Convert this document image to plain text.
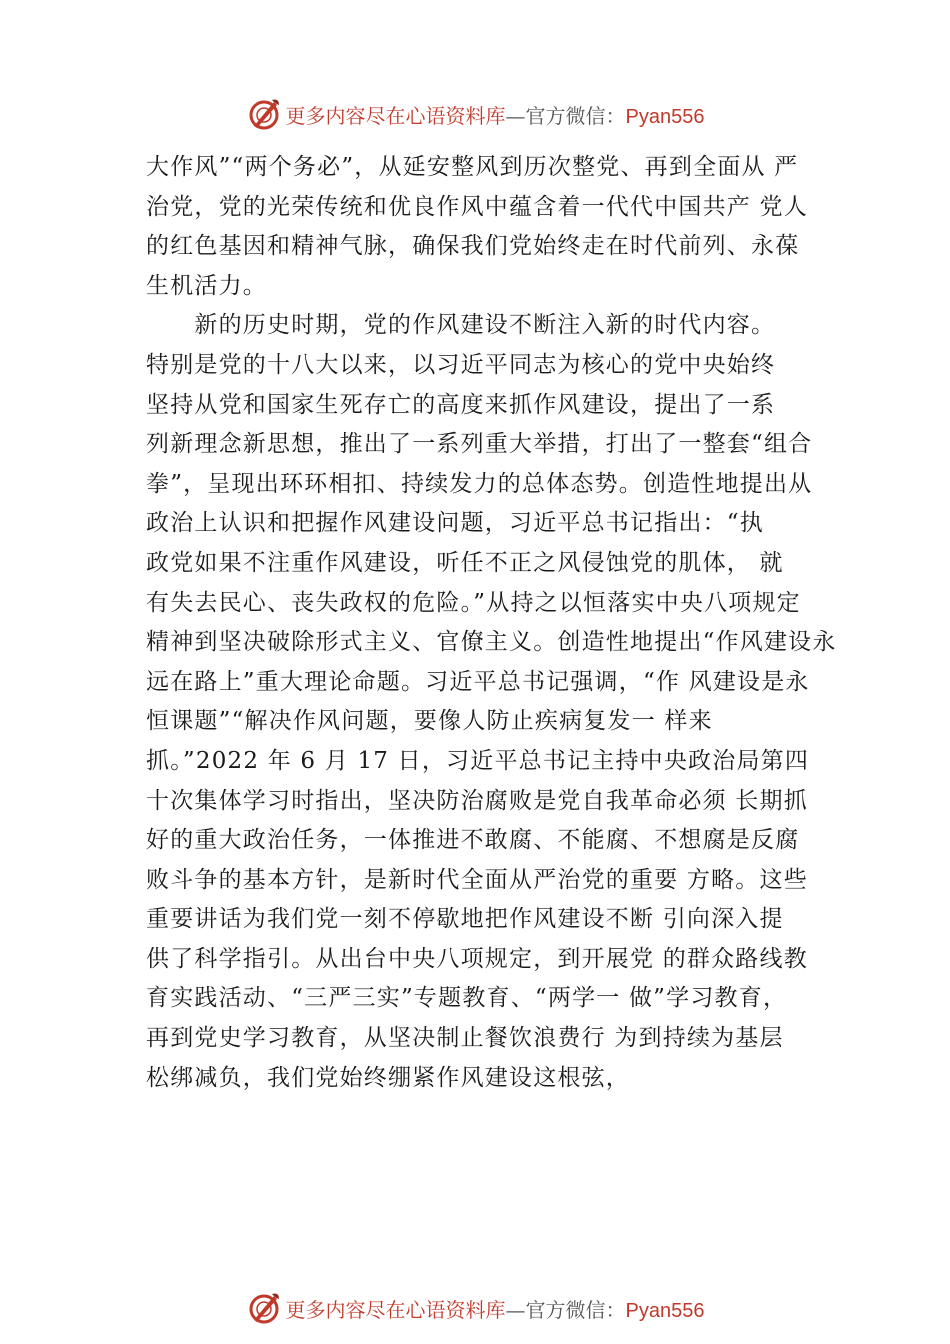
更多内容尽在心语资料库—官方微信：Pyan556
大作风”“两个务必”，从延安整风到历次整党、再到全面从 严
治党，党的光荣传统和优良作风中蕴含着一代代中国共产 党人
的红色基因和精神气脉，确保我们党始终走在时代前列、永葆
生机活力。
　　新的历史时期，党的作风建设不断注入新的时代内容。
特别是党的十八大以来，以习近平同志为核心的党中央始终
坚持从党和国家生死存亡的高度来抓作风建设，提出了一系
列新理念新思想，推出了一系列重大举措，打出了一整套“组合
拳”，呈现出环环相扣、持续发力的总体态势。创造性地提出从
政治上认识和把握作风建设问题，习近平总书记指出：“执
政党如果不注重作风建设，听任不正之风侵蚀党的肌体， 就
有失去民心、丧失政权的危险。”从持之以恒落实中央八项规定
精神到坚决破除形式主义、官僚主义。创造性地提出“作风建设永
远在路上”重大理论命题。习近平总书记强调，“作 风建设是永
恒课题”“解决作风问题，要像人防止疾病复发一 样来
抓。”2022 年 6 月 17 日，习近平总书记主持中央政治局第四
十次集体学习时指出，坚决防治腐败是党自我革命必须 长期抓
好的重大政治任务，一体推进不敢腐、不能腐、不想腐是反腐
败斗争的基本方针，是新时代全面从严治党的重要 方略。这些
重要讲话为我们党一刻不停歇地把作风建设不断 引向深入提
供了科学指引。从出台中央八项规定，到开展党 的群众路线教
育实践活动、“三严三实”专题教育、“两学一 做”学习教育，
再到党史学习教育，从坚决制止餐饮浪费行 为到持续为基层
松绑减负，我们党始终绷紧作风建设这根弦，
更多内容尽在心语资料库—官方微信：Pyan556
